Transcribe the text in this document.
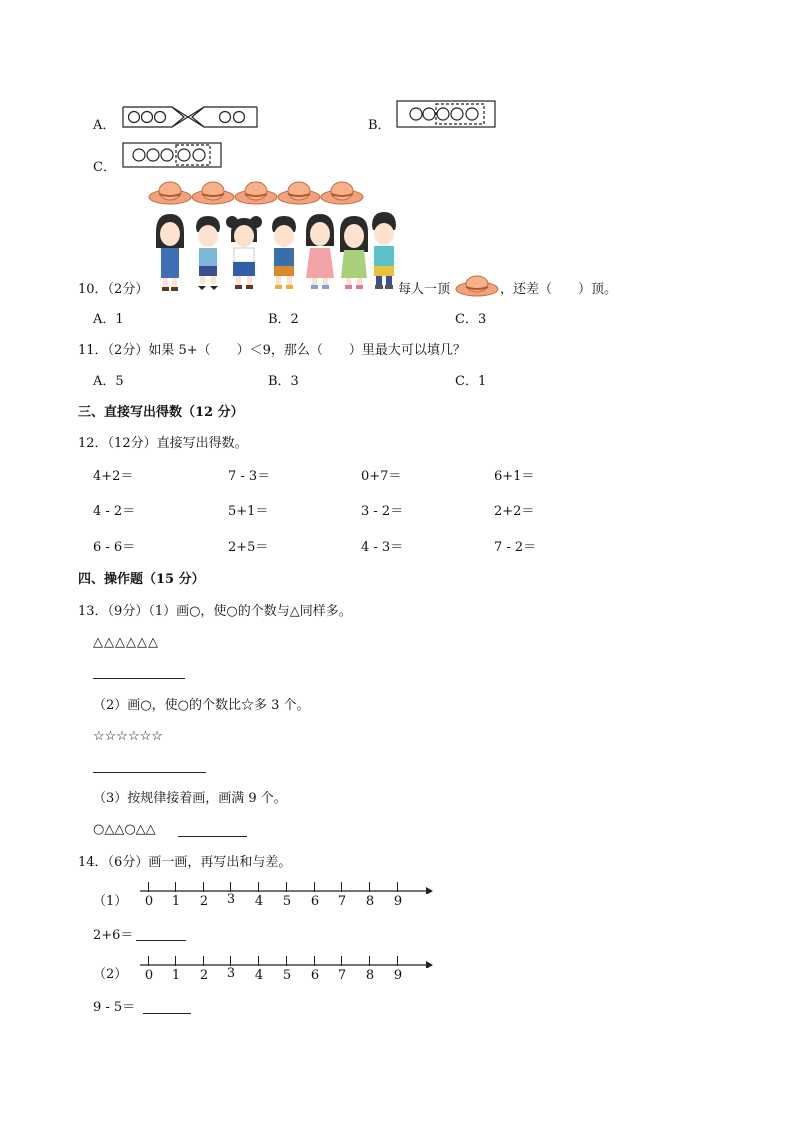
A．	B．
C．
10．（2分）	每人一顶	，还差（　　）顶。
A．1	B．2	C．3
11．（2分）如果 5+（　　）＜9，那么（　　）里最大可以填几？
A．5	B．3	C．1
三、直接写出得数（12 分）
12．（12分）直接写出得数。
4+2＝	7 - 3＝	0+7＝	6+1＝
4 - 2＝	5+1＝	3 - 2＝	2+2＝
6 - 6＝	2+5＝	4 - 3＝	7 - 2＝
四、操作题（15 分）
13．（9分）（1）画○，使○的个数与△同样多。
△△△△△△
（2）画○，使○的个数比☆多 3 个。
☆☆☆☆☆☆
（3）按规律接着画，画满 9 个。
○△△○△△
14．（6分）画一画，再写出和与差。
（1） 0 1 2 3 4 5 6 7 8 9
2+6＝
（2） 0 1 2 3 4 5 6 7 8 9
9 - 5＝
